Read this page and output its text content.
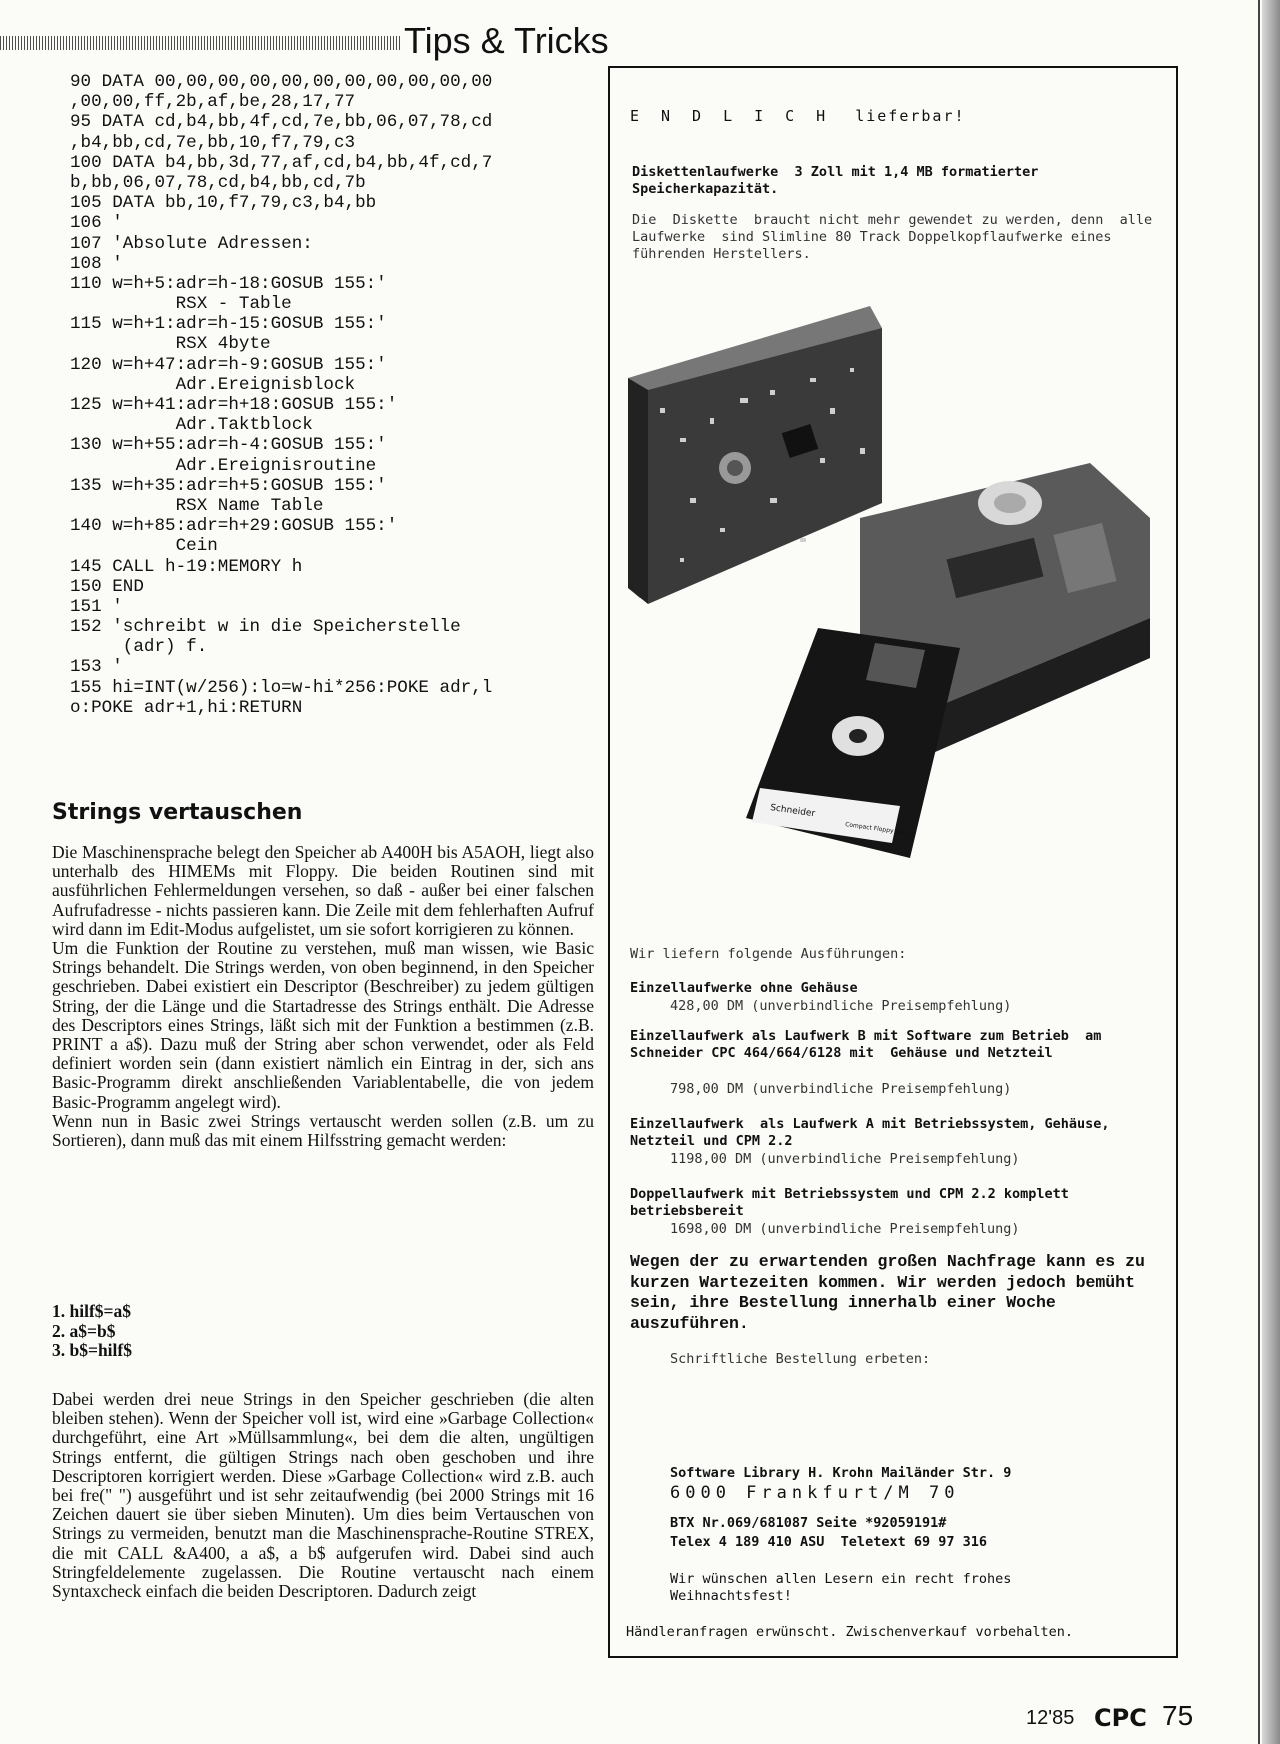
Tips & Tricks
90 DATA 00,00,00,00,00,00,00,00,00,00,00
,00,00,ff,2b,af,be,28,17,77
95 DATA cd,b4,bb,4f,cd,7e,bb,06,07,78,cd
,b4,bb,cd,7e,bb,10,f7,79,c3
100 DATA b4,bb,3d,77,af,cd,b4,bb,4f,cd,7
b,bb,06,07,78,cd,b4,bb,cd,7b
105 DATA bb,10,f7,79,c3,b4,bb
106 '
107 'Absolute Adressen:
108 '
110 w=h+5:adr=h-18:GOSUB 155:'
RSX - Table
115 w=h+1:adr=h-15:GOSUB 155:'
RSX 4byte
120 w=h+47:adr=h-9:GOSUB 155:'
Adr.Ereignisblock
125 w=h+41:adr=h+18:GOSUB 155:'
Adr.Taktblock
130 w=h+55:adr=h-4:GOSUB 155:'
Adr.Ereignisroutine
135 w=h+35:adr=h+5:GOSUB 155:'
RSX Name Table
140 w=h+85:adr=h+29:GOSUB 155:'
Cein
145 CALL h-19:MEMORY h
150 END
151 '
152 'schreibt w in die Speicherstelle
(adr) f.
153 '
155 hi=INT(w/256):lo=w-hi*256:POKE adr,l
o:POKE adr+1,hi:RETURN
Strings vertauschen

Die Maschinensprache belegt den Speicher ab A400H bis A5AOH, liegt also unterhalb des HIMEMs mit Floppy. Die beiden Routinen sind mit ausführlichen Fehlermeldungen versehen, so daß - außer bei einer falschen Aufrufadresse - nichts passieren kann. Die Zeile mit dem fehlerhaften Aufruf wird dann im Edit-Modus aufgelistet, um sie sofort korrigieren zu können.

Um die Funktion der Routine zu verstehen, muß man wissen, wie Basic Strings behandelt. Die Strings werden, von oben beginnend, in den Speicher geschrieben. Dabei existiert ein Descriptor (Beschreiber) zu jedem gültigen String, der die Länge und die Startadresse des Strings enthält. Die Adresse des Descriptors eines Strings, läßt sich mit der Funktion a bestimmen (z.B. PRINT a a$). Dazu muß der String aber schon verwendet, oder als Feld definiert worden sein (dann existiert nämlich ein Eintrag in der, sich ans Basic-Programm direkt anschließenden Variablentabelle, die von jedem Basic-Programm angelegt wird).

Wenn nun in Basic zwei Strings vertauscht werden sollen (z.B. um zu Sortieren), dann muß das mit einem Hilfsstring gemacht werden:

1. hilf$=a$
2. a$=b$
3. b$=hilf$

Dabei werden drei neue Strings in den Speicher geschrieben (die alten bleiben stehen). Wenn der Speicher voll ist, wird eine »Garbage Collection« durchgeführt, eine Art »Müllsammlung«, bei dem die alten, ungültigen Strings entfernt, die gültigen Strings nach oben geschoben und ihre Descriptoren korrigiert werden. Diese »Garbage Collection« wird z.B. auch bei fre(" ") ausgeführt und ist sehr zeitaufwendig (bei 2000 Strings mit 16 Zeichen dauert sie über sieben Minuten). Um dies beim Vertauschen von Strings zu vermeiden, benutzt man die Maschinensprache-Routine STREX, die mit CALL &A400, a a$, a b$ aufgerufen wird. Dabei sind auch Stringfeldelemente zugelassen. Die Routine vertauscht nach einem Syntaxcheck einfach die beiden Descriptoren. Dadurch zeigt

ENDLICH lieferbar!
Diskettenlaufwerke  3 Zoll mit 1,4 MB formatierter Speicherkapazität.
Die  Diskette  braucht nicht mehr gewendet zu werden, denn  alle  Laufwerke  sind Slimline 80 Track Doppelkopflaufwerke eines führenden Herstellers.
Schneider
Compact Floppy Disk
Wir liefern folgende Ausführungen:
Einzellaufwerke ohne Gehäuse
428,00 DM (unverbindliche Preisempfehlung)
Einzellaufwerk als Laufwerk B mit Software zum Betrieb  am  Schneider CPC 464/664/6128 mit  Gehäuse und Netzteil
798,00 DM (unverbindliche Preisempfehlung)
Einzellaufwerk  als Laufwerk A mit Betriebssystem, Gehäuse, Netzteil und CPM 2.2
1198,00 DM (unverbindliche Preisempfehlung)
Doppellaufwerk mit Betriebssystem und CPM 2.2 komplett betriebsbereit
1698,00 DM (unverbindliche Preisempfehlung)
Wegen der zu erwartenden großen Nachfrage kann es zu kurzen Wartezeiten kommen. Wir werden jedoch bemüht sein, ihre Bestellung innerhalb einer Woche auszuführen.
Schriftliche Bestellung erbeten:
Software Library H. Krohn Mailänder Str. 9
6000 Frankfurt/M 70
BTX Nr.069/681087 Seite *92059191#
Telex 4 189 410 ASU  Teletext 69 97 316
Wir wünschen allen Lesern ein recht frohes Weihnachtsfest!
Händleranfragen erwünscht. Zwischenverkauf vorbehalten.
12'85 CPC 75
